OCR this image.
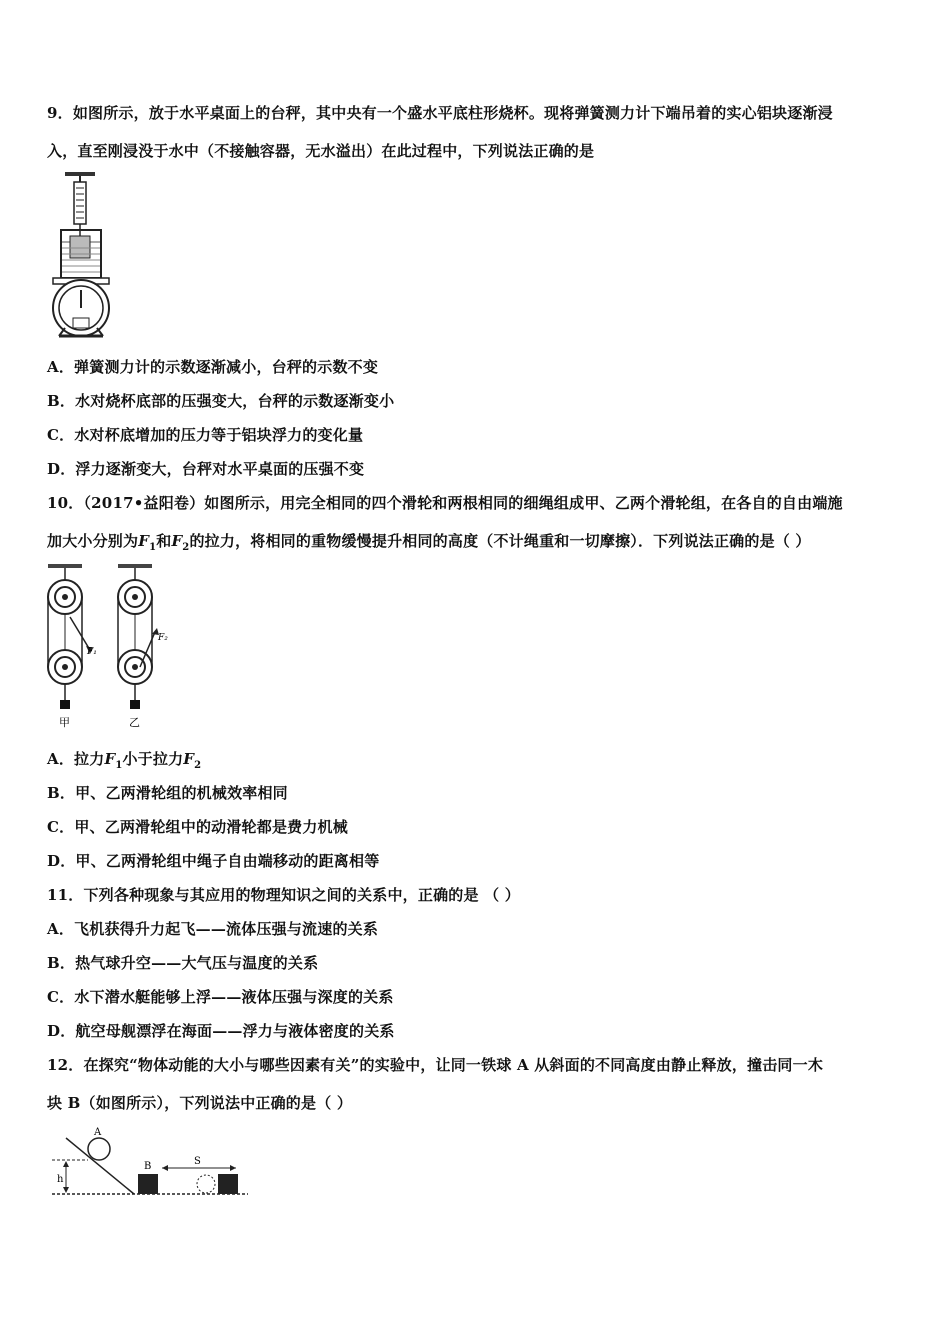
9．如图所示，放于水平桌面上的台秤，其中央有一个盛水平底柱形烧杯。现将弹簧测力计下端吊着的实心铝块逐渐浸
入，直至刚浸没于水中（不接触容器，无水溢出）在此过程中，下列说法正确的是
A．弹簧测力计的示数逐渐减小，台秤的示数不变
B．水对烧杯底部的压强变大，台秤的示数逐渐变小
C．水对杯底增加的压力等于铝块浮力的变化量
D．浮力逐渐变大，台秤对水平桌面的压强不变
10．（2017•益阳卷）如图所示，用完全相同的四个滑轮和两根相同的细绳组成甲、乙两个滑轮组，在各自的自由端施
加大小分别为$F_1$和$F_2$的拉力，将相同的重物缓慢提升相同的高度（不计绳重和一切摩擦）．下列说法正确的是（ ）
F₁
甲
F₂
乙
A．拉力$F_1$小于拉力$F_2$
B．甲、乙两滑轮组的机械效率相同
C．甲、乙两滑轮组中的动滑轮都是费力机械
D．甲、乙两滑轮组中绳子自由端移动的距离相等
11．下列各种现象与其应用的物理知识之间的关系中，正确的是 （ ）
A．飞机获得升力起飞——流体压强与流速的关系
B．热气球升空——大气压与温度的关系
C．水下潜水艇能够上浮——液体压强与深度的关系
D．航空母舰漂浮在海面——浮力与液体密度的关系
12．在探究“物体动能的大小与哪些因素有关”的实验中，让同一铁球 A 从斜面的不同高度由静止释放，撞击同一木
块 B（如图所示），下列说法中正确的是（ ）
h
A
B	S
